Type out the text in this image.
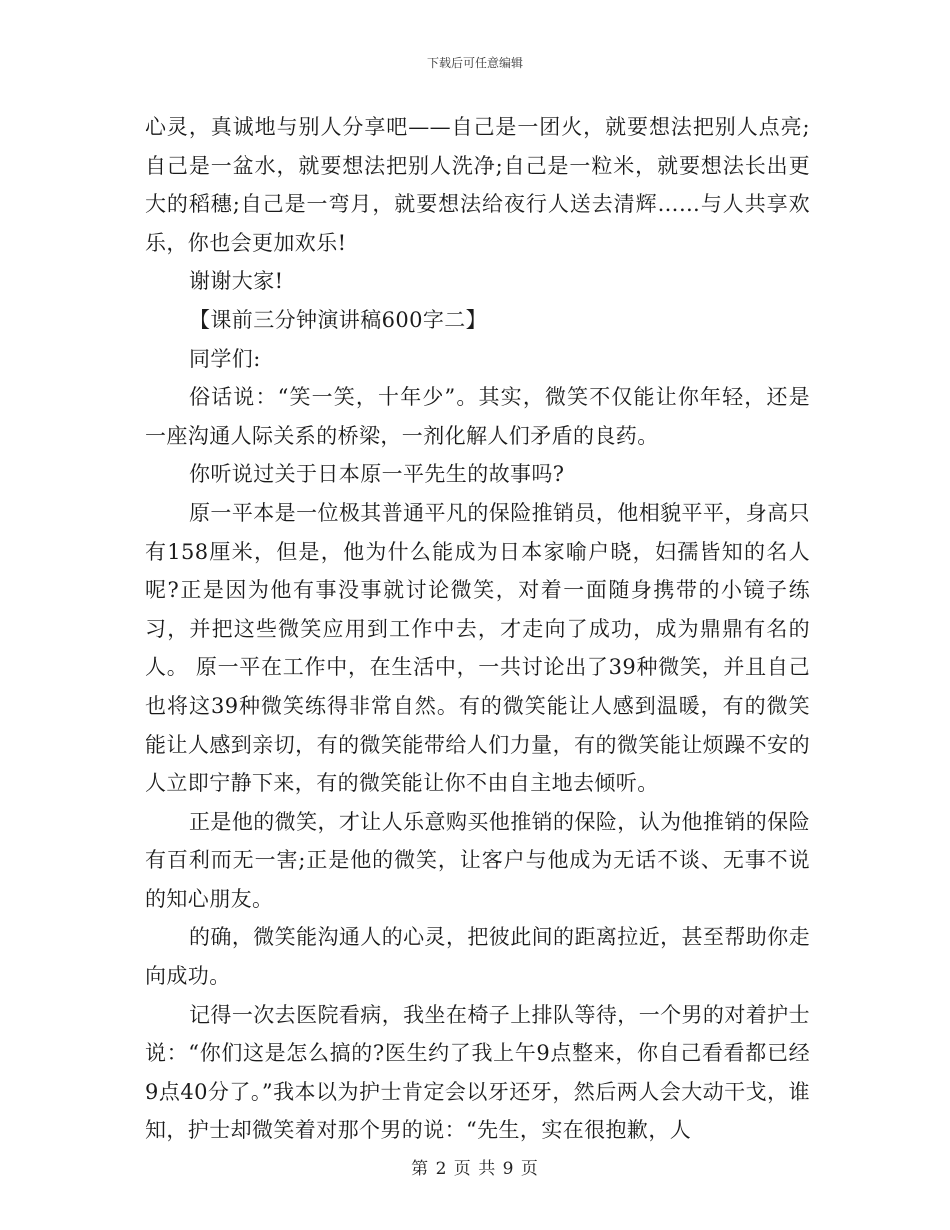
下载后可任意编辑

心灵，真诚地与别人分享吧——自己是一团火，就要想法把别人点亮;自己是一盆水，就要想法把别人洗净;自己是一粒米，就要想法长出更大的稻穗;自己是一弯月，就要想法给夜行人送去清辉……与人共享欢乐，你也会更加欢乐!

谢谢大家!

【课前三分钟演讲稿600字二】

同学们:

俗话说：“笑一笑，十年少”。其实，微笑不仅能让你年轻，还是一座沟通人际关系的桥梁，一剂化解人们矛盾的良药。

你听说过关于日本原一平先生的故事吗?

原一平本是一位极其普通平凡的保险推销员，他相貌平平，身高只有158厘米，但是，他为什么能成为日本家喻户晓，妇孺皆知的名人呢?正是因为他有事没事就讨论微笑，对着一面随身携带的小镜子练习，并把这些微笑应用到工作中去，才走向了成功，成为鼎鼎有名的人。 原一平在工作中，在生活中，一共讨论出了39种微笑，并且自己也将这39种微笑练得非常自然。有的微笑能让人感到温暖，有的微笑能让人感到亲切，有的微笑能带给人们力量，有的微笑能让烦躁不安的人立即宁静下来，有的微笑能让你不由自主地去倾听。

正是他的微笑，才让人乐意购买他推销的保险，认为他推销的保险有百利而无一害;正是他的微笑，让客户与他成为无话不谈、无事不说的知心朋友。

的确，微笑能沟通人的心灵，把彼此间的距离拉近，甚至帮助你走向成功。

记得一次去医院看病，我坐在椅子上排队等待，一个男的对着护士说：“你们这是怎么搞的?医生约了我上午9点整来，你自己看看都已经9点40分了。”我本以为护士肯定会以牙还牙，然后两人会大动干戈，谁知，护士却微笑着对那个男的说：“先生，实在很抱歉，人

第 2 页 共 9 页
